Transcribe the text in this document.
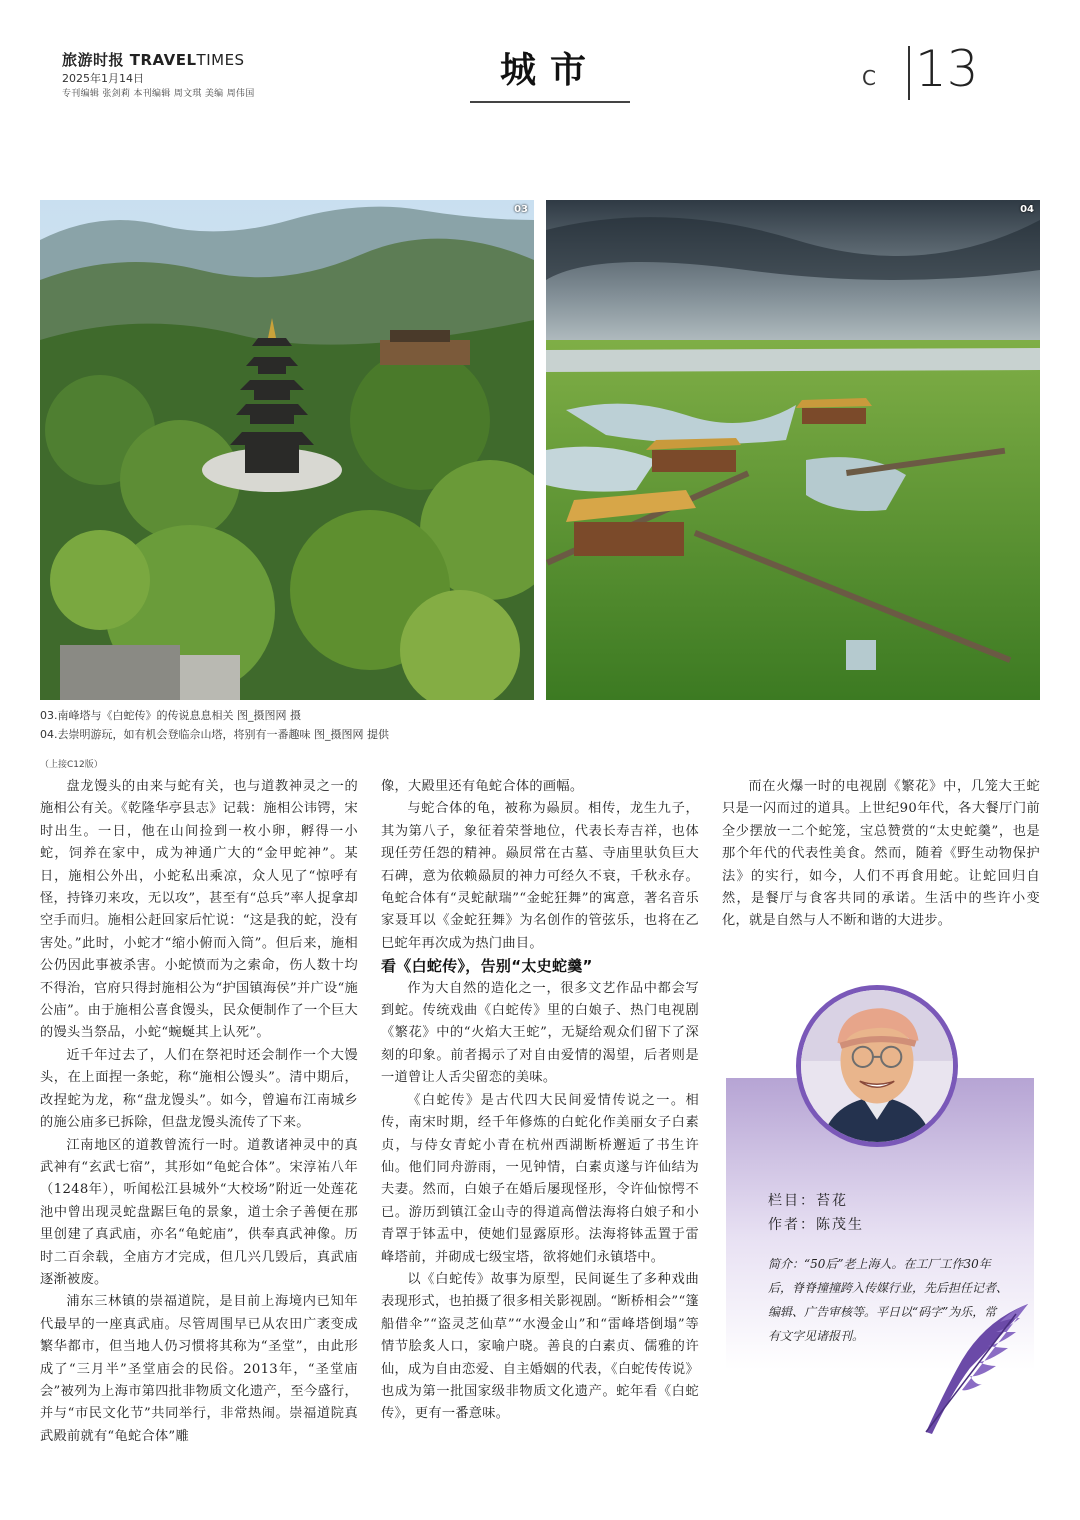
旅游时报 TRAVELTIMES
2025年1月14日
专刊编辑 张剑莉 本刊编辑 周文琪 美编 周伟国
城市	C 13
03	04
03.南峰塔与《白蛇传》的传说息息相关 图_摄图网 摄
04.去崇明游玩，如有机会登临佘山塔，将别有一番趣味 图_摄图网 提供
（上接C12版）

盘龙馒头的由来与蛇有关，也与道教神灵之一的施相公有关。《乾隆华亭县志》记载：施相公讳锷，宋时出生。一日，他在山间捡到一枚小卵，孵得一小蛇，饲养在家中，成为神通广大的“金甲蛇神”。某日，施相公外出，小蛇私出乘凉，众人见了“惊呼有怪，持锋刃来攻，无以攻”，甚至有“总兵”率人捉拿却空手而归。施相公赶回家后忙说：“这是我的蛇，没有害处。”此时，小蛇才“缩小俯而入筒”。但后来，施相公仍因此事被杀害。小蛇愤而为之索命，伤人数十均不得治，官府只得封施相公为“护国镇海侯”并广设“施公庙”。由于施相公喜食馒头，民众便制作了一个巨大的馒头当祭品，小蛇“蜿蜒其上认死”。

近千年过去了，人们在祭祀时还会制作一个大馒头，在上面捏一条蛇，称“施相公馒头”。清中期后，改捏蛇为龙，称“盘龙馒头”。如今，曾遍布江南城乡的施公庙多已拆除，但盘龙馒头流传了下来。

江南地区的道教曾流行一时。道教诸神灵中的真武神有“玄武七宿”，其形如“龟蛇合体”。宋淳祐八年（1248年），听闻松江县城外“大校场”附近一处莲花池中曾出现灵蛇盘踞巨龟的景象，道士余子善便在那里创建了真武庙，亦名“龟蛇庙”，供奉真武神像。历时二百余载，全庙方才完成，但几兴几毁后，真武庙逐渐被废。

浦东三林镇的崇福道院，是目前上海境内已知年代最早的一座真武庙。尽管周围早已从农田广袤变成繁华都市，但当地人仍习惯将其称为“圣堂”，由此形成了“三月半”圣堂庙会的民俗。2013年，“圣堂庙会”被列为上海市第四批非物质文化遗产，至今盛行，并与“市民文化节”共同举行，非常热闹。崇福道院真武殿前就有“龟蛇合体”雕

像，大殿里还有龟蛇合体的画幅。

与蛇合体的龟，被称为赑屃。相传，龙生九子，其为第八子，象征着荣誉地位，代表长寿吉祥，也体现任劳任怨的精神。赑屃常在古墓、寺庙里驮负巨大石碑，意为依赖赑屃的神力可经久不衰，千秋永存。龟蛇合体有“灵蛇献瑞”“金蛇狂舞”的寓意，著名音乐家聂耳以《金蛇狂舞》为名创作的管弦乐，也将在乙巳蛇年再次成为热门曲目。

看《白蛇传》，告别“太史蛇羹”

作为大自然的造化之一，很多文艺作品中都会写到蛇。传统戏曲《白蛇传》里的白娘子、热门电视剧《繁花》中的“火焰大王蛇”，无疑给观众们留下了深刻的印象。前者揭示了对自由爱情的渴望，后者则是一道曾让人舌尖留恋的美味。

《白蛇传》是古代四大民间爱情传说之一。相传，南宋时期，经千年修炼的白蛇化作美丽女子白素贞，与侍女青蛇小青在杭州西湖断桥邂逅了书生许仙。他们同舟游雨，一见钟情，白素贞遂与许仙结为夫妻。然而，白娘子在婚后屡现怪形，令许仙惊愕不已。游历到镇江金山寺的得道高僧法海将白娘子和小青罩于钵盂中，使她们显露原形。法海将钵盂置于雷峰塔前，并砌成七级宝塔，欲将她们永镇塔中。

以《白蛇传》故事为原型，民间诞生了多种戏曲表现形式，也拍摄了很多相关影视剧。“断桥相会”“篷船借伞”“盗灵芝仙草”“水漫金山”和“雷峰塔倒塌”等情节脍炙人口，家喻户晓。善良的白素贞、儒雅的许仙，成为自由恋爱、自主婚姻的代表，《白蛇传传说》也成为第一批国家级非物质文化遗产。蛇年看《白蛇传》，更有一番意味。

而在火爆一时的电视剧《繁花》中，几笼大王蛇只是一闪而过的道具。上世纪90年代，各大餐厅门前全少摆放一二个蛇笼，宝总赞赏的“太史蛇羹”，也是那个年代的代表性美食。然而，随着《野生动物保护法》的实行，如今，人们不再食用蛇。让蛇回归自然，是餐厅与食客共同的承诺。生活中的些许小变化，就是自然与人不断和谐的大进步。

栏目：苔花
作者：陈茂生
简介：“50后”老上海人。在工厂工作30年后，脊脊撞撞跨入传媒行业，先后担任记者、编辑、广告审核等。平日以“码字”为乐，常有文字见诸报刊。
